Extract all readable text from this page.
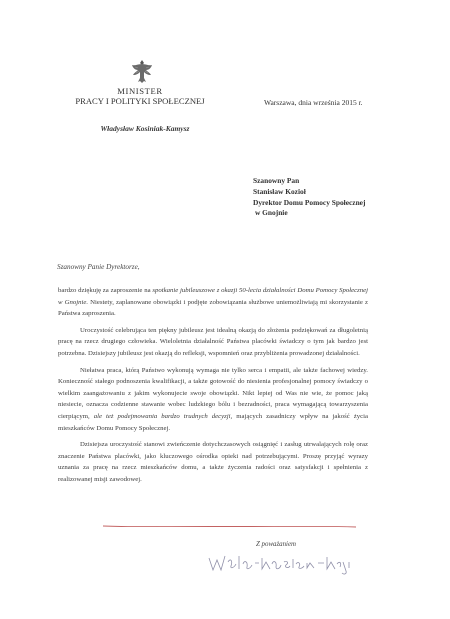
MINISTER
PRACY I POLITYKI SPOŁECZNEJ
Władysław Kosiniak-Kamysz
Warszawa, dnia września 2015 r.
Szanowny Pan
Stanisław Kozioł
Dyrektor Domu Pomocy Społecznej
w Gnojnie
Szanowny Panie Dyrektorze,

bardzo dziękuję za zaproszenie na spotkanie jubileuszowe z okazji 50-lecia działalności Domu Pomocy Społecznej w Gnojnie. Niestety, zaplanowane obowiązki i podjęte zobowiązania służbowe uniemożliwiają mi skorzystanie z Państwa zaproszenia.

Uroczystość celebrująca ten piękny jubileusz jest idealną okazją do złożenia podziękowań za długoletnią pracę na rzecz drugiego człowieka. Wieloletnia działalność Państwa placówki świadczy o tym jak bardzo jest potrzebna. Dzisiejszy jubileusz jest okazją do refleksji, wspomnień oraz przybliżenia prowadzonej działalności.

Niełatwa praca, którą Państwo wykonują wymaga nie tylko serca i empatii, ale także fachowej wiedzy. Konieczność stałego podnoszenia kwalifikacji, a także gotowość do niesienia profesjonalnej pomocy świadczy o wielkim zaangażowaniu z jakim wykonujecie swoje obowiązki. Nikt lepiej od Was nie wie, że pomoc jaką niesiecie, oznacza codzienne stawanie wobec ludzkiego bólu i bezradności, praca wymagającą towarzyszenia cierpiącym, ale też podejmowania bardzo trudnych decyzji, mających zasadniczy wpływ na jakość życia mieszkańców Domu Pomocy Społecznej.

Dzisiejsza uroczystość stanowi zwieńczenie dotychczasowych osiągnięć i zasług utrwalających rolę oraz znaczenie Państwa placówki, jako kluczowego ośrodka opieki nad potrzebującymi. Proszę przyjąć wyrazy uznania za pracę na rzecz mieszkańców domu, a także życzenia radości oraz satysfakcji i spełnienia z realizowanej misji zawodowej.

Z poważaniem
